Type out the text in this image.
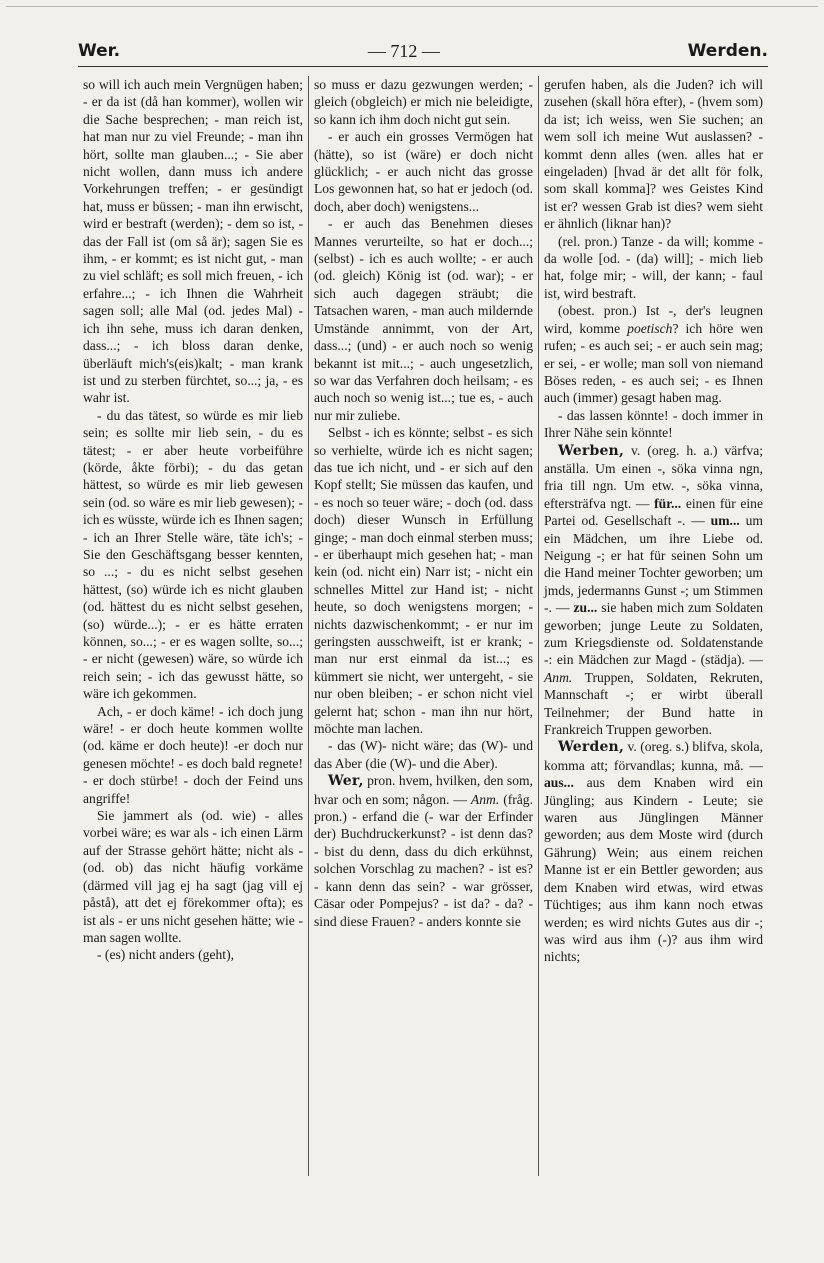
Wer.	— 712 —	Werden.

so will ich auch mein Vergnügen haben; - er da ist (då han kommer), wollen wir die Sache besprechen; - man reich ist, hat man nur zu viel Freunde; - man ihn hört, sollte man glauben...; - Sie aber nicht wollen, dann muss ich andere Vorkehrungen treffen; - er gesündigt hat, muss er büssen; - man ihn erwischt, wird er bestraft (werden); - dem so ist, - das der Fall ist (om så är); sagen Sie es ihm, - er kommt; es ist nicht gut, - man zu viel schläft; es soll mich freuen, - ich erfahre...; - ich Ihnen die Wahrheit sagen soll; alle Mal (od. jedes Mal) - ich ihn sehe, muss ich daran denken, dass...; - ich bloss daran denke, überläuft mich's(eis)kalt; - man krank ist und zu sterben fürchtet, so...; ja, - es wahr ist.

- du das tätest, so würde es mir lieb sein; es sollte mir lieb sein, - du es tätest; - er aber heute vorbeiführe (körde, åkte förbi); - du das getan hättest, so würde es mir lieb gewesen sein (od. so wäre es mir lieb gewesen); - ich es wüsste, würde ich es Ihnen sagen; - ich an Ihrer Stelle wäre, täte ich's; - Sie den Geschäftsgang besser kennten, so ...; - du es nicht selbst gesehen hättest, (so) würde ich es nicht glauben (od. hättest du es nicht selbst gesehen, (so) würde...); - er es hätte erraten können, so...; - er es wagen sollte, so...; - er nicht (gewesen) wäre, so würde ich reich sein; - ich das gewusst hätte, so wäre ich gekommen.

Ach, - er doch käme! - ich doch jung wäre! - er doch heute kommen wollte (od. käme er doch heute)! -er doch nur genesen möchte! - es doch bald regnete! - er doch stürbe! - doch der Feind uns angriffe!

Sie jammert als (od. wie) - alles vorbei wäre; es war als - ich einen Lärm auf der Strasse gehört hätte; nicht als - (od. ob) das nicht häufig vorkäme (därmed vill jag ej ha sagt (jag vill ej påstå), att det ej förekommer ofta); es ist als - er uns nicht gesehen hätte; wie - man sagen wollte.

- (es) nicht anders (geht),

so muss er dazu gezwungen werden; - gleich (obgleich) er mich nie beleidigte, so kann ich ihm doch nicht gut sein.

- er auch ein grosses Vermögen hat (hätte), so ist (wäre) er doch nicht glücklich; - er auch nicht das grosse Los gewonnen hat, so hat er jedoch (od. doch, aber doch) wenigstens...

- er auch das Benehmen dieses Mannes verurteilte, so hat er doch...; (selbst) - ich es auch wollte; - er auch (od. gleich) König ist (od. war); - er sich auch dagegen sträubt; die Tatsachen waren, - man auch mildernde Umstände annimmt, von der Art, dass...; (und) - er auch noch so wenig bekannt ist mit...; - auch ungesetzlich, so war das Verfahren doch heilsam; - es auch noch so wenig ist...; tue es, - auch nur mir zuliebe.

Selbst - ich es könnte; selbst - es sich so verhielte, würde ich es nicht sagen; das tue ich nicht, und - er sich auf den Kopf stellt; Sie müssen das kaufen, und - es noch so teuer wäre; - doch (od. dass doch) dieser Wunsch in Erfüllung ginge; - man doch einmal sterben muss; - er überhaupt mich gesehen hat; - man kein (od. nicht ein) Narr ist; - nicht ein schnelles Mittel zur Hand ist; - nicht heute, so doch wenigstens morgen; - nichts dazwischenkommt; - er nur im geringsten ausschweift, ist er krank; - man nur erst einmal da ist...; es kümmert sie nicht, wer untergeht, - sie nur oben bleiben; - er schon nicht viel gelernt hat; schon - man ihn nur hört, möchte man lachen.

- das (W)- nicht wäre; das (W)- und das Aber (die (W)- und die Aber).

Wer, pron. hvem, hvilken, den som, hvar och en som; någon. — Anm. (fråg. pron.) - erfand die (- war der Erfinder der) Buchdruckerkunst? - ist denn das? - bist du denn, dass du dich erkühnst, solchen Vorschlag zu machen? - ist es? - kann denn das sein? - war grösser, Cäsar oder Pompejus? - ist da? - da? - sind diese Frauen? - anders konnte sie

gerufen haben, als die Juden? ich will zusehen (skall höra efter), - (hvem som) da ist; ich weiss, wen Sie suchen; an wem soll ich meine Wut auslassen? - kommt denn alles (wen. alles hat er eingeladen) [hvad är det allt för folk, som skall komma]? wes Geistes Kind ist er? wessen Grab ist dies? wem sieht er ähnlich (liknar han)?

(rel. pron.) Tanze - da will; komme - da wolle [od. - (da) will]; - mich lieb hat, folge mir; - will, der kann; - faul ist, wird bestraft.

(obest. pron.) Ist -, der's leugnen wird, komme poetisch? ich höre wen rufen; - es auch sei; - er auch sein mag; er sei, - er wolle; man soll von niemand Böses reden, - es auch sei; - es Ihnen auch (immer) gesagt haben mag.

- das lassen könnte! - doch immer in Ihrer Nähe sein könnte!

Werben, v. (oreg. h. a.) värfva; anställa. Um einen -, söka vinna ngn, fria till ngn. Um etw. -, söka vinna, eftersträfva ngt. — für... einen für eine Partei od. Gesellschaft -. — um... um ein Mädchen, um ihre Liebe od. Neigung -; er hat für seinen Sohn um die Hand meiner Tochter geworben; um jmds, jedermanns Gunst -; um Stimmen -. — zu... sie haben mich zum Soldaten geworben; junge Leute zu Soldaten, zum Kriegsdienste od. Soldatenstande -: ein Mädchen zur Magd - (städja). — Anm. Truppen, Soldaten, Rekruten, Mannschaft -; er wirbt überall Teilnehmer; der Bund hatte in Frankreich Truppen geworben.

Werden, v. (oreg. s.) blifva, skola, komma att; förvandlas; kunna, må. — aus... aus dem Knaben wird ein Jüngling; aus Kindern - Leute; sie waren aus Jünglingen Männer geworden; aus dem Moste wird (durch Gährung) Wein; aus einem reichen Manne ist er ein Bettler geworden; aus dem Knaben wird etwas, wird etwas Tüchtiges; aus ihm kann noch etwas werden; es wird nichts Gutes aus dir -; was wird aus ihm (-)? aus ihm wird nichts;
